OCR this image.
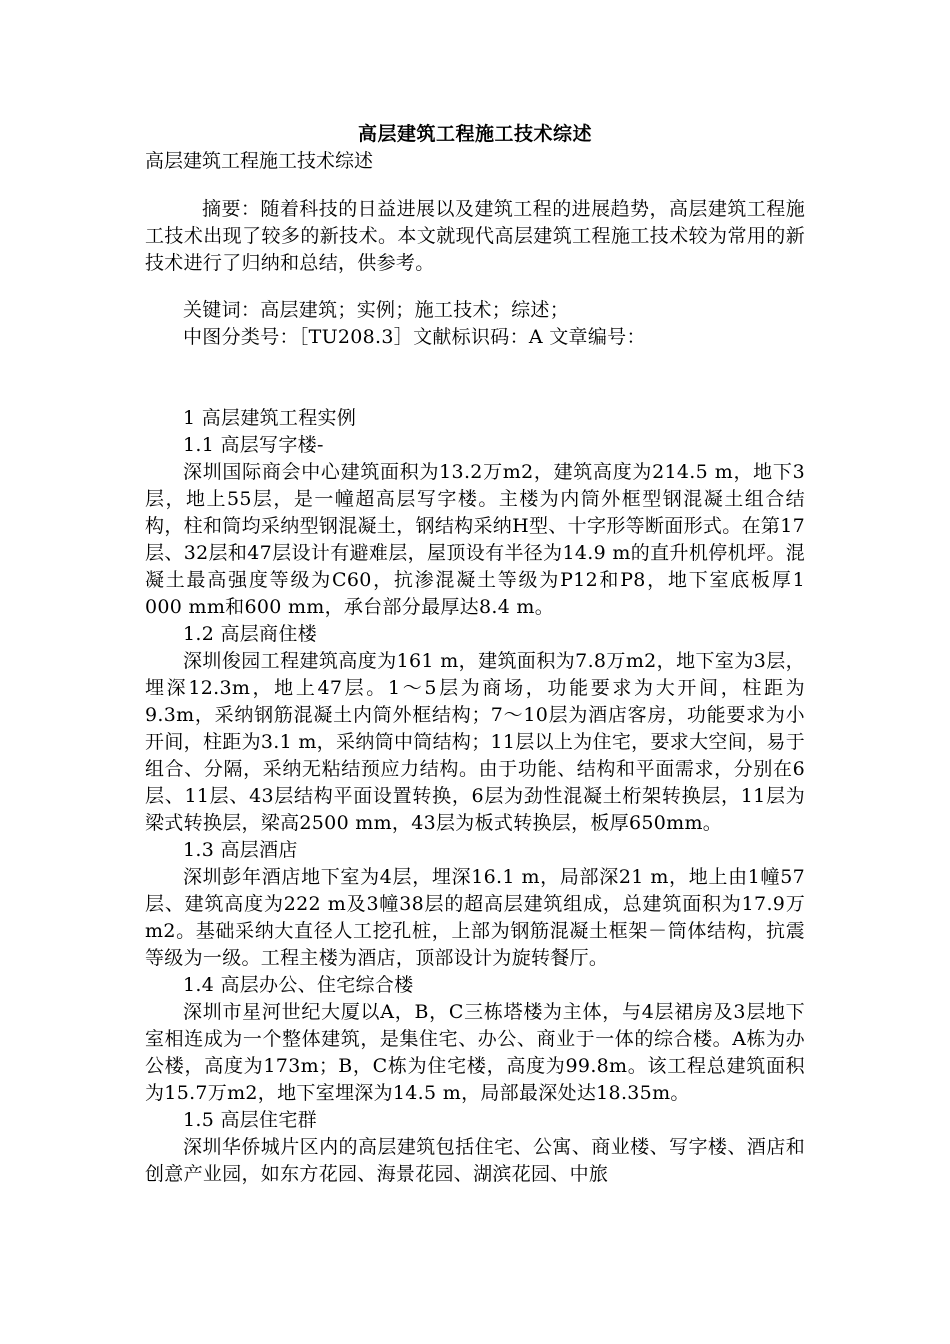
高层建筑工程施工技术综述
高层建筑工程施工技术综述

摘要：随着科技的日益进展以及建筑工程的进展趋势，高层建筑工程施工技术出现了较多的新技术。本文就现代高层建筑工程施工技术较为常用的新技术进行了归纳和总结，供参考。

关键词：高层建筑；实例；施工技术；综述；

中图分类号：［TU208.3］文献标识码：A 文章编号：

1 高层建筑工程实例

1.1 高层写字楼-

深圳国际商会中心建筑面积为13.2万m2，建筑高度为214.5 m，地下3层，地上55层，是一幢超高层写字楼。主楼为内筒外框型钢混凝土组合结构，柱和筒均采纳型钢混凝土，钢结构采纳H型、十字形等断面形式。在第17层、32层和47层设计有避难层，屋顶设有半径为14.9 m的直升机停机坪。混凝土最高强度等级为C60，抗渗混凝土等级为P12和P8，地下室底板厚1 000 mm和600 mm，承台部分最厚达8.4 m。

1.2 高层商住楼

深圳俊园工程建筑高度为161 m，建筑面积为7.8万m2，地下室为3层，埋深12.3m，地上47层。1～5层为商场，功能要求为大开间，柱距为9.3m，采纳钢筋混凝土内筒外框结构；7～10层为酒店客房，功能要求为小开间，柱距为3.1 m，采纳筒中筒结构；11层以上为住宅，要求大空间，易于组合、分隔，采纳无粘结预应力结构。由于功能、结构和平面需求，分别在6层、11层、43层结构平面设置转换，6层为劲性混凝土桁架转换层，11层为梁式转换层，梁高2500 mm，43层为板式转换层，板厚650mm。

1.3 高层酒店

深圳彭年酒店地下室为4层，埋深16.1 m，局部深21 m，地上由1幢57层、建筑高度为222 m及3幢38层的超高层建筑组成，总建筑面积为17.9万m2。基础采纳大直径人工挖孔桩，上部为钢筋混凝土框架－筒体结构，抗震等级为一级。工程主楼为酒店，顶部设计为旋转餐厅。

1.4 高层办公、住宅综合楼

深圳市星河世纪大厦以A，B，C三栋塔楼为主体，与4层裙房及3层地下室相连成为一个整体建筑，是集住宅、办公、商业于一体的综合楼。A栋为办公楼，高度为173m；B，C栋为住宅楼，高度为99.8m。该工程总建筑面积为15.7万m2，地下室埋深为14.5 m，局部最深处达18.35m。

1.5 高层住宅群

深圳华侨城片区内的高层建筑包括住宅、公寓、商业楼、写字楼、酒店和创意产业园，如东方花园、海景花园、湖滨花园、中旅
